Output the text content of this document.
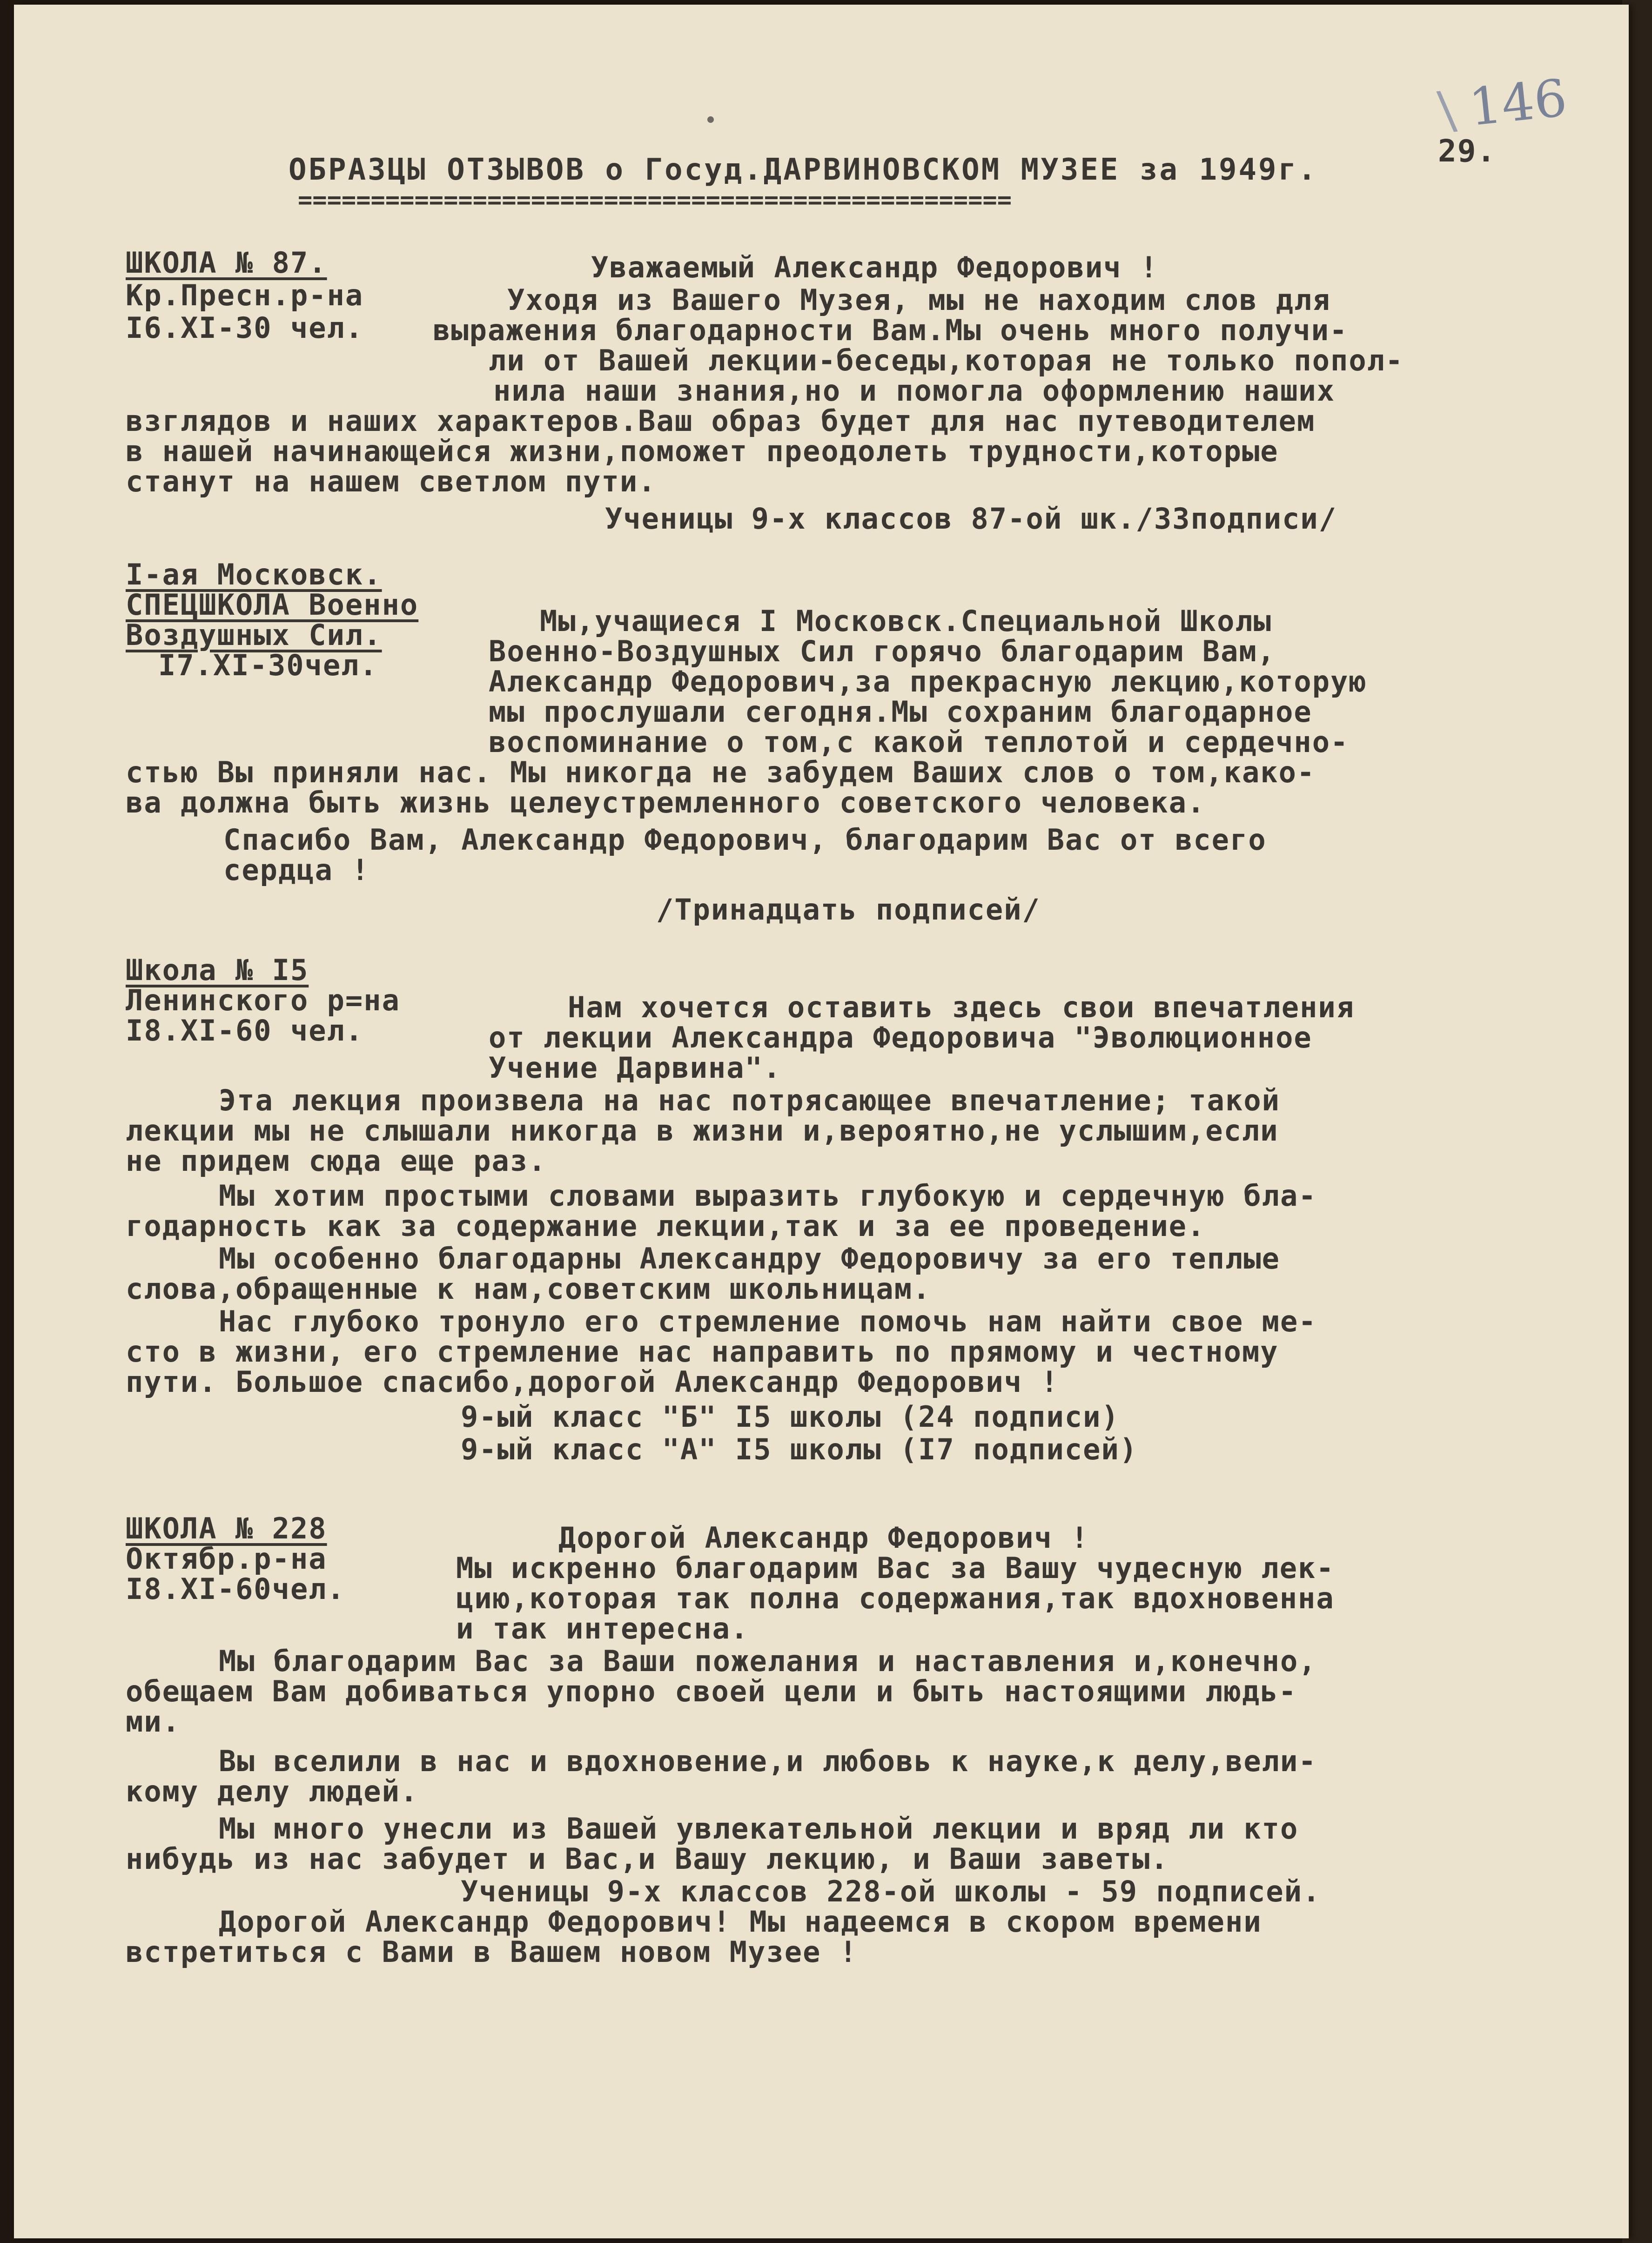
\ 146
29.
ОБРАЗЦЫ ОТЗЫВОВ о Госуд.ДАРВИНОВСКОМ МУЗЕЕ за 1949г.
=================================================
ШКОЛА № 87.
Кр.Пресн.р-на
I6.XI-30 чел.
Уважаемый Александр Федорович !
Уходя из Вашего Музея, мы не находим слов для
выражения благодарности Вам.Мы очень много получи-
ли от Вашей лекции-беседы,которая не только попол-
нила наши знания,но и помогла оформлению наших
взглядов и наших характеров.Ваш образ будет для нас путеводителем
в нашей начинающейся жизни,поможет преодолеть трудности,которые
станут на нашем светлом пути.
Ученицы 9-х классов 87-ой шк./33подписи/
I-ая Московск.
СПЕЦШКОЛА Военно
Воздушных Сил.
I7.XI-30чел.
Мы,учащиеся I Московск.Специальной Школы
Военно-Воздушных Сил горячо благодарим Вам,
Александр Федорович,за прекрасную лекцию,которую
мы прослушали сегодня.Мы сохраним благодарное
воспоминание о том,с какой теплотой и сердечно-
стью Вы приняли нас. Мы никогда не забудем Ваших слов о том,како-
ва должна быть жизнь целеустремленного советского человека.
Спасибо Вам, Александр Федорович, благодарим Вас от всего
сердца !
/Тринадцать подписей/
Школа № I5
Ленинского р=на
I8.XI-60 чел.
Нам хочется оставить здесь свои впечатления
от лекции Александра Федоровича "Эволюционное
Учение Дарвина".
Эта лекция произвела на нас потрясающее впечатление; такой
лекции мы не слышали никогда в жизни и,вероятно,не услышим,если
не придем сюда еще раз.
Мы хотим простыми словами выразить глубокую и сердечную бла-
годарность как за содержание лекции,так и за ее проведение.
Мы особенно благодарны Александру Федоровичу за его теплые
слова,обращенные к нам,советским школьницам.
Нас глубоко тронуло его стремление помочь нам найти свое ме-
сто в жизни, его стремление нас направить по прямому и честному
пути. Большое спасибо,дорогой Александр Федорович !
9-ый класс "Б" I5 школы (24 подписи)
9-ый класс "А" I5 школы (I7 подписей)
ШКОЛА № 228
Октябр.р-на
I8.XI-60чел.
Дорогой Александр Федорович !
Мы искренно благодарим Вас за Вашу чудесную лек-
цию,которая так полна содержания,так вдохновенна
и так интересна.
Мы благодарим Вас за Ваши пожелания и наставления и,конечно,
обещаем Вам добиваться упорно своей цели и быть настоящими людь-
ми.
Вы вселили в нас и вдохновение,и любовь к науке,к делу,вели-
кому делу людей.
Мы много унесли из Вашей увлекательной лекции и вряд ли кто
нибудь из нас забудет и Вас,и Вашу лекцию, и Ваши заветы.
Ученицы 9-х классов 228-ой школы - 59 подписей.
Дорогой Александр Федорович! Мы надеемся в скором времени
встретиться с Вами в Вашем новом Музее !
